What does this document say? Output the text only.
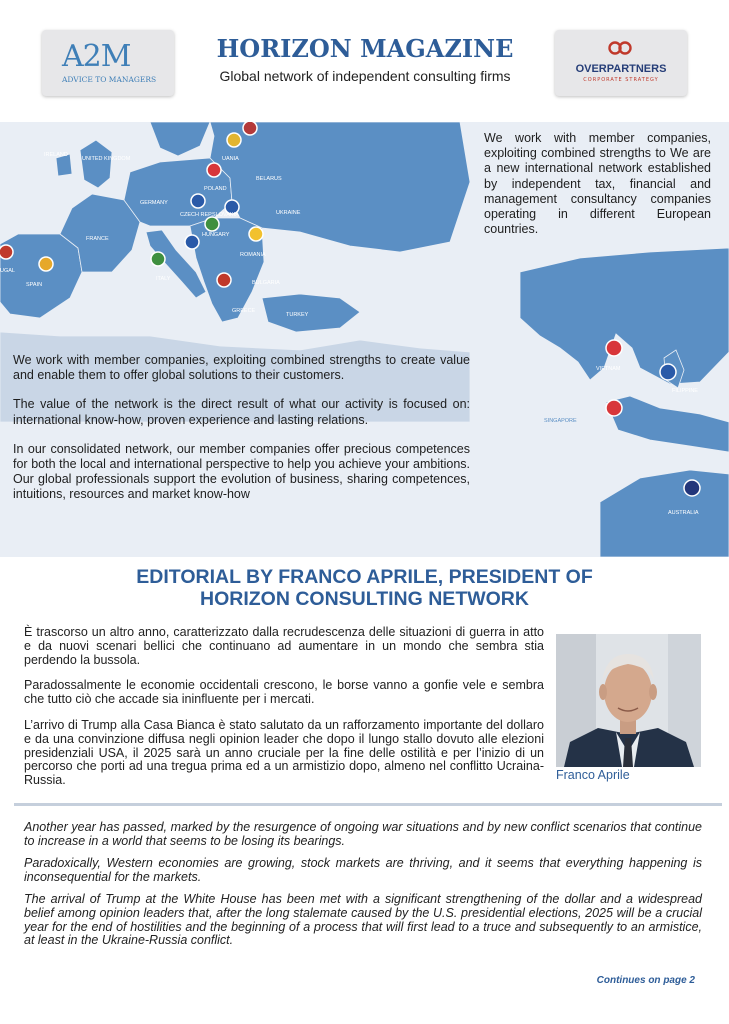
A2M
ADVICE TO MANAGERS
HORIZON MAGAZINE
Global network of independent consulting firms	OVERPARTNERS
CORPORATE STRATEGY
UNITED KINGDOM
IRELAND
BELARUS
POLAND
UKRAINE
FRANCE
ROMANIA
BULGARIA
ITALY
SPAIN
UGAL
GREECE
TURKEY
UANIA
GERMANY
HUNGARY
CZECH REP. SLOVAKIA
VIETNAM
FILIPPINE
SINGAPORE
AUSTRALIA
We work with member companies, exploiting combined strengths to We are a new international network established by independent tax, financial and management consultancy companies operating in different European countries.

We work with member companies, exploiting combined strengths to create value and enable them to offer global solutions to their customers.

The value of the network is the direct result of what our activity is focused on: international know-how, proven experience and lasting relations.

In our consolidated network, our member companies offer precious competences for both the local and international perspective to help you achieve your ambitions. Our global professionals support the evolution of business, sharing competences, intuitions, resources and market know-how

EDITORIAL BY FRANCO APRILE, PRESIDENT OF
HORIZON CONSULTING NETWORK

È trascorso un altro anno, caratterizzato dalla recrudescenza delle situazioni di guerra in atto e da nuovi scenari bellici che continuano ad aumentare in un mondo che sembra stia perdendo la bussola.

Paradossalmente le economie occidentali crescono, le borse vanno a gonfie vele e sembra che tutto ciò che accade sia ininfluente per i mercati.

L’arrivo di Trump alla Casa Bianca è stato salutato da un rafforzamento importante del dollaro e da una convinzione diffusa negli opinion leader che dopo il lungo stallo dovuto alle elezioni presidenziali USA, il 2025 sarà un anno cruciale per la fine delle ostilità e per l’inizio di un percorso che porti ad una tregua prima ed a un armistizio dopo, almeno nel conflitto Ucraina-Russia.	Franco Aprile

Another year has passed, marked by the resurgence of ongoing war situations and by new conflict scenarios that continue to increase in a world that seems to be losing its bearings.

Paradoxically, Western economies are growing, stock markets are thriving, and it seems that everything happening is inconsequential for the markets.

The arrival of Trump at the White House has been met with a significant strengthening of the dollar and a widespread belief among opinion leaders that, after the long stalemate caused by the U.S. presidential elections, 2025 will be a crucial year for the end of hostilities and the beginning of a process that will first lead to a truce and subsequently to an armistice, at least in the Ukraine-Russia conflict.

Continues on page 2
